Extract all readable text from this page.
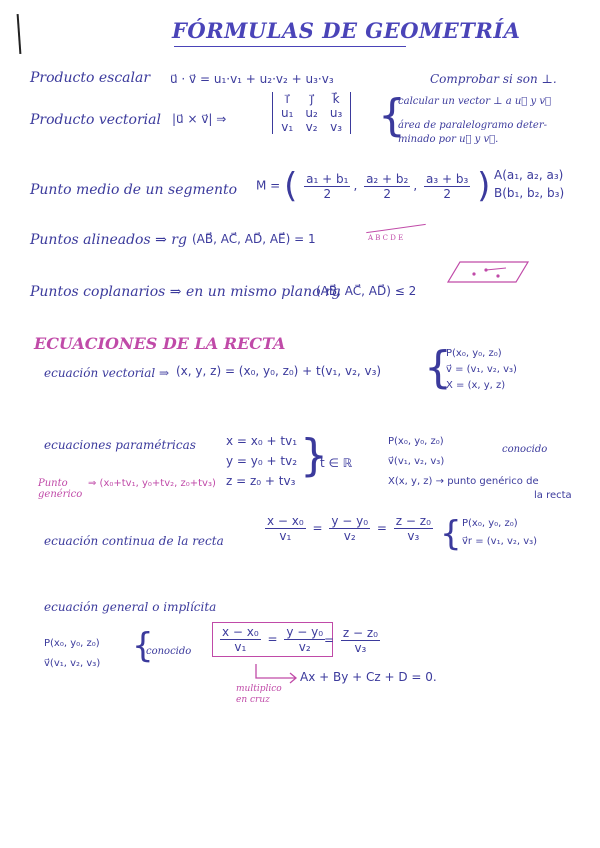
FÓRMULAS DE GEOMETRÍA
Producto escalar u⃗ · v⃗ = u₁·v₁ + u₂·v₂ + u₃·v₃	Comprobar si son ⊥.
Producto vectorial |u⃗ × v⃗| ⇒
i⃗	j⃗	k⃗
u₁	u₂	u₃
v₁	v₂	v₃ {
calcular un vector ⊥ a u⃗ y v⃗
área de paralelogramo deter-
minado por u⃗ y v⃗.
Punto medio de un segmento M = ( $\frac{\text{a₁ + b₁}}{2}$ , $\frac{\text{a₂ + b₂}}{2}$ , $\frac{\text{a₃ + b₃}}{2}$ ) A(a₁, a₂, a₃)
B(b₁, b₂, b₃)
Puntos alineados ⇒ rg (AB⃗, AC⃗, AD⃗, AE⃗) = 1	A B C D E
Puntos coplanarios ⇒ en un mismo plano rg
(AB⃗, AC⃗, AD⃗) ≤ 2
ECUACIONES DE LA RECTA
ecuación vectorial ⇒ (x, y, z) = (x₀, y₀, z₀) + t(v₁, v₂, v₃) {
P(x₀, y₀, z₀)
v⃗ = (v₁, v₂, v₃)
X = (x, y, z)
ecuaciones paramétricas	x = x₀ + tv₁
y = y₀ + tv₂
z = z₀ + tv₃ {
t ∈ ℝ
P(x₀, y₀, z₀)
v⃗(v₁, v₂, v₃)
X(x, y, z) → punto genérico de
la recta
conocido
Punto genérico
⇒ (x₀+tv₁, y₀+tv₂, z₀+tv₃)
ecuación continua de la recta	$\frac{\text{x − x₀}}{\text{v₁}} = \frac{\text{y − y₀}}{\text{v₂}} = \frac{\text{z − z₀}}{\text{v₃}}$ { P(x₀, y₀, z₀)
v⃗r = (v₁, v₂, v₃)
ecuación general o implícita
P(x₀, y₀, z₀)
v⃗(v₁, v₂, v₃) {
conocido $\frac{\text{x − x₀}}{\text{v₁}} = \frac{\text{y − y₀}}{\text{v₂}}$
= $\frac{\text{z − z₀}}{\text{v₃}}$
multiplico en cruz
Ax + By + Cz + D = 0.
